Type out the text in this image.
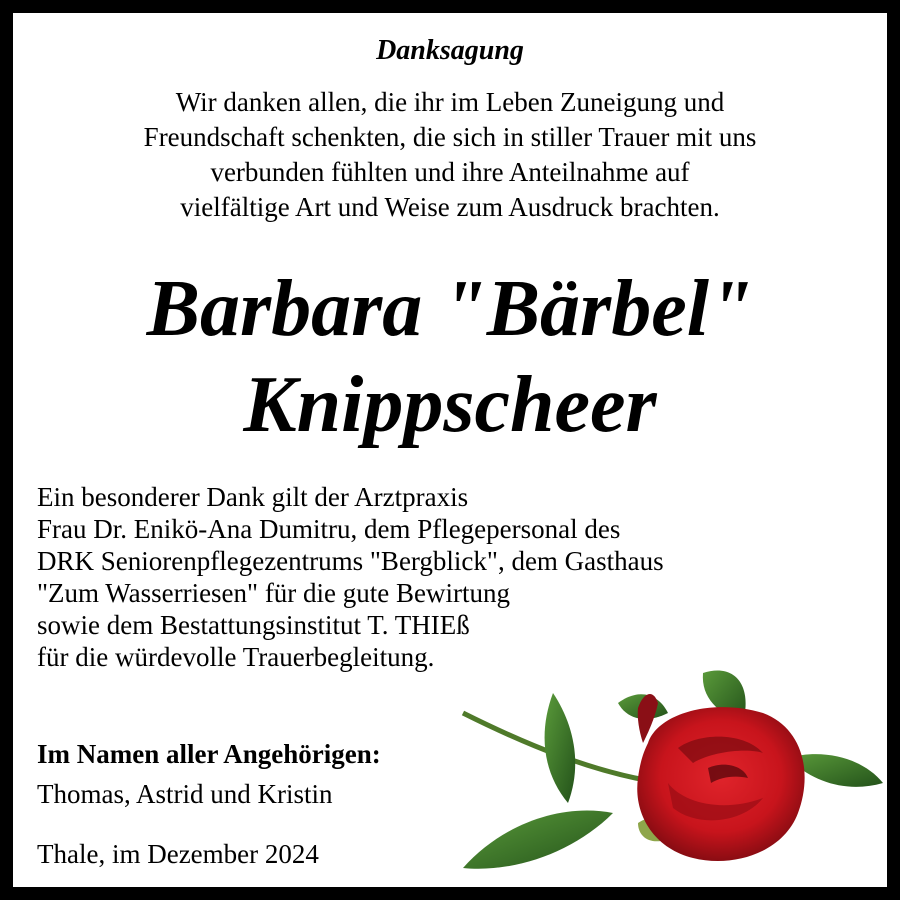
Danksagung
Wir danken allen, die ihr im Leben Zuneigung und
Freundschaft schenkten, die sich in stiller Trauer mit uns
verbunden fühlten und ihre Anteilnahme auf
vielfältige Art und Weise zum Ausdruck brachten.
Barbara "Bärbel"
Knippscheer
Ein besonderer Dank gilt der Arztpraxis
Frau Dr. Enikö-Ana Dumitru, dem Pflegepersonal des
DRK Seniorenpflegezentrums "Bergblick", dem Gasthaus
"Zum Wasserriesen" für die gute Bewirtung
sowie dem Bestattungsinstitut T. THIEß
für die würdevolle Trauerbegleitung.
Im Namen aller Angehörigen:
Thomas, Astrid und Kristin
Thale, im Dezember 2024
